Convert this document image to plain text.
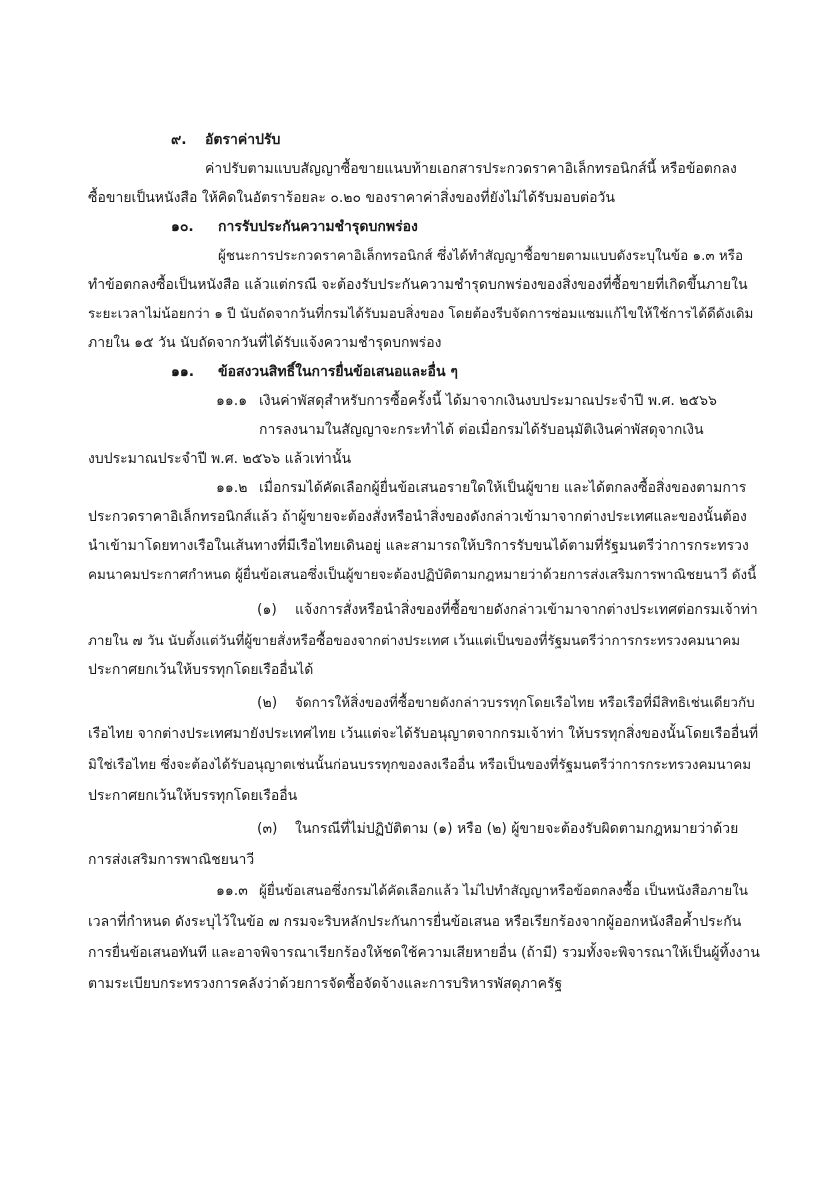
๙. อัตราค่าปรับ
ค่าปรับตามแบบสัญญาซื้อขายแนบท้ายเอกสารประกวดราคาอิเล็กทรอนิกส์นี้ หรือข้อตกลง
ซื้อขายเป็นหนังสือ ให้คิดในอัตราร้อยละ ๐.๒๐ ของราคาค่าสิ่งของที่ยังไม่ได้รับมอบต่อวัน
๑๐. การรับประกันความชำรุดบกพร่อง
ผู้ชนะการประกวดราคาอิเล็กทรอนิกส์ ซึ่งได้ทำสัญญาซื้อขายตามแบบดังระบุในข้อ ๑.๓ หรือ
ทำข้อตกลงซื้อเป็นหนังสือ แล้วแต่กรณี จะต้องรับประกันความชำรุดบกพร่องของสิ่งของที่ซื้อขายที่เกิดขึ้นภายใน
ระยะเวลาไม่น้อยกว่า ๑ ปี นับถัดจากวันที่กรมได้รับมอบสิ่งของ โดยต้องรีบจัดการซ่อมแซมแก้ไขให้ใช้การได้ดีดังเดิม
ภายใน ๑๕ วัน นับถัดจากวันที่ได้รับแจ้งความชำรุดบกพร่อง
๑๑. ข้อสงวนสิทธิ์ในการยื่นข้อเสนอและอื่น ๆ
๑๑.๑ เงินค่าพัสดุสำหรับการซื้อครั้งนี้ ได้มาจากเงินงบประมาณประจำปี พ.ศ. ๒๕๖๖
การลงนามในสัญญาจะกระทำได้ ต่อเมื่อกรมได้รับอนุมัติเงินค่าพัสดุจากเงิน
งบประมาณประจำปี พ.ศ. ๒๕๖๖ แล้วเท่านั้น
๑๑.๒ เมื่อกรมได้คัดเลือกผู้ยื่นข้อเสนอรายใดให้เป็นผู้ขาย และได้ตกลงซื้อสิ่งของตามการ
ประกวดราคาอิเล็กทรอนิกส์แล้ว ถ้าผู้ขายจะต้องสั่งหรือนำสิ่งของดังกล่าวเข้ามาจากต่างประเทศและของนั้นต้อง
นำเข้ามาโดยทางเรือในเส้นทางที่มีเรือไทยเดินอยู่ และสามารถให้บริการรับขนได้ตามที่รัฐมนตรีว่าการกระทรวง
คมนาคมประกาศกำหนด ผู้ยื่นข้อเสนอซึ่งเป็นผู้ขายจะต้องปฏิบัติตามกฎหมายว่าด้วยการส่งเสริมการพาณิชยนาวี ดังนี้
(๑) แจ้งการสั่งหรือนำสิ่งของที่ซื้อขายดังกล่าวเข้ามาจากต่างประเทศต่อกรมเจ้าท่า
ภายใน ๗ วัน นับตั้งแต่วันที่ผู้ขายสั่งหรือซื้อของจากต่างประเทศ เว้นแต่เป็นของที่รัฐมนตรีว่าการกระทรวงคมนาคม
ประกาศยกเว้นให้บรรทุกโดยเรืออื่นได้
(๒) จัดการให้สิ่งของที่ซื้อขายดังกล่าวบรรทุกโดยเรือไทย หรือเรือที่มีสิทธิเช่นเดียวกับ
เรือไทย จากต่างประเทศมายังประเทศไทย เว้นแต่จะได้รับอนุญาตจากกรมเจ้าท่า ให้บรรทุกสิ่งของนั้นโดยเรืออื่นที่
มิใช่เรือไทย ซึ่งจะต้องได้รับอนุญาตเช่นนั้นก่อนบรรทุกของลงเรืออื่น หรือเป็นของที่รัฐมนตรีว่าการกระทรวงคมนาคม
ประกาศยกเว้นให้บรรทุกโดยเรืออื่น
(๓) ในกรณีที่ไม่ปฏิบัติตาม (๑) หรือ (๒) ผู้ขายจะต้องรับผิดตามกฎหมายว่าด้วย
การส่งเสริมการพาณิชยนาวี
๑๑.๓ ผู้ยื่นข้อเสนอซึ่งกรมได้คัดเลือกแล้ว ไม่ไปทำสัญญาหรือข้อตกลงซื้อ เป็นหนังสือภายใน
เวลาที่กำหนด ดังระบุไว้ในข้อ ๗ กรมจะริบหลักประกันการยื่นข้อเสนอ หรือเรียกร้องจากผู้ออกหนังสือค้ำประกัน
การยื่นข้อเสนอทันที และอาจพิจารณาเรียกร้องให้ชดใช้ความเสียหายอื่น (ถ้ามี) รวมทั้งจะพิจารณาให้เป็นผู้ทิ้งงาน
ตามระเบียบกระทรวงการคลังว่าด้วยการจัดซื้อจัดจ้างและการบริหารพัสดุภาครัฐ
